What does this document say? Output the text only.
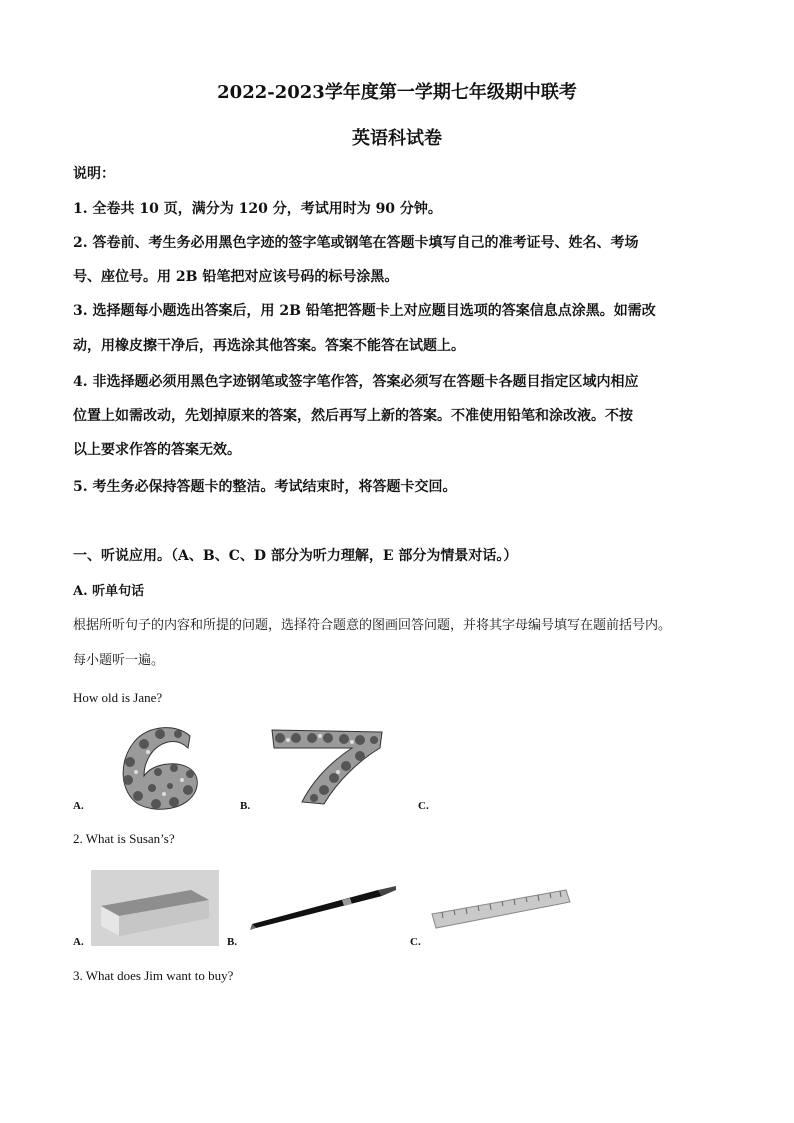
2022-2023学年度第一学期七年级期中联考
英语科试卷
说明：
1. 全卷共 10 页，满分为 120 分，考试用时为 90 分钟。
2. 答卷前、考生务必用黑色字迹的签字笔或钢笔在答题卡填写自己的准考证号、姓名、考场
号、座位号。用 2B 铅笔把对应该号码的标号涂黑。
3. 选择题每小题选出答案后，用 2B 铅笔把答题卡上对应题目选项的答案信息点涂黑。如需改
动，用橡皮擦干净后，再选涂其他答案。答案不能答在试题上。
4. 非选择题必须用黑色字迹钢笔或签字笔作答，答案必须写在答题卡各题目指定区域内相应
位置上如需改动，先划掉原来的答案，然后再写上新的答案。不准使用铅笔和涂改液。不按
以上要求作答的答案无效。
5. 考生务必保持答题卡的整洁。考试结束时，将答题卡交回。
一、听说应用。（A、B、C、D 部分为听力理解，E 部分为情景对话。）
A. 听单句话
根据所听句子的内容和所提的问题，选择符合题意的图画回答问题，并将其字母编号填写在题前括号内。
每小题听一遍。
How old is Jane?
A.	B.	C.
2. What is Susan’s?
A.	B.	C.
3. What does Jim want to buy?
